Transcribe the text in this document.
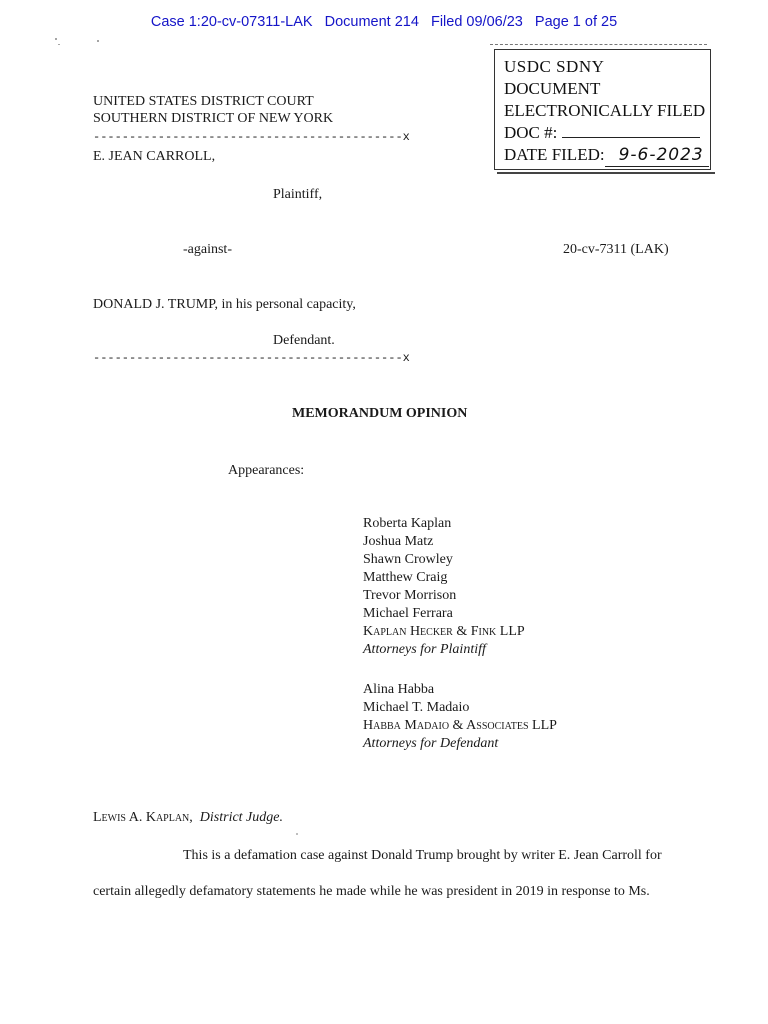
Case 1:20-cv-07311-LAK Document 214 Filed 09/06/23 Page 1 of 25
USDC SDNY
DOCUMENT
ELECTRONICALLY FILED
DOC #:
DATE FILED: 9-6-2023
UNITED STATES DISTRICT COURT
SOUTHERN DISTRICT OF NEW YORK
-------------------------------------------x
E. JEAN CARROLL,
Plaintiff,
-against-	20-cv-7311 (LAK)
DONALD J. TRUMP, in his personal capacity,
Defendant.
-------------------------------------------x
MEMORANDUM OPINION
Appearances:
Roberta Kaplan
Joshua Matz
Shawn Crowley
Matthew Craig
Trevor Morrison
Michael Ferrara
Kaplan Hecker & Fink LLP
Attorneys for Plaintiff
Alina Habba
Michael T. Madaio
Habba Madaio & Associates LLP
Attorneys for Defendant
Lewis A. Kaplan, District Judge.
This is a defamation case against Donald Trump brought by writer E. Jean Carroll for
certain allegedly defamatory statements he made while he was president in 2019 in response to Ms.
